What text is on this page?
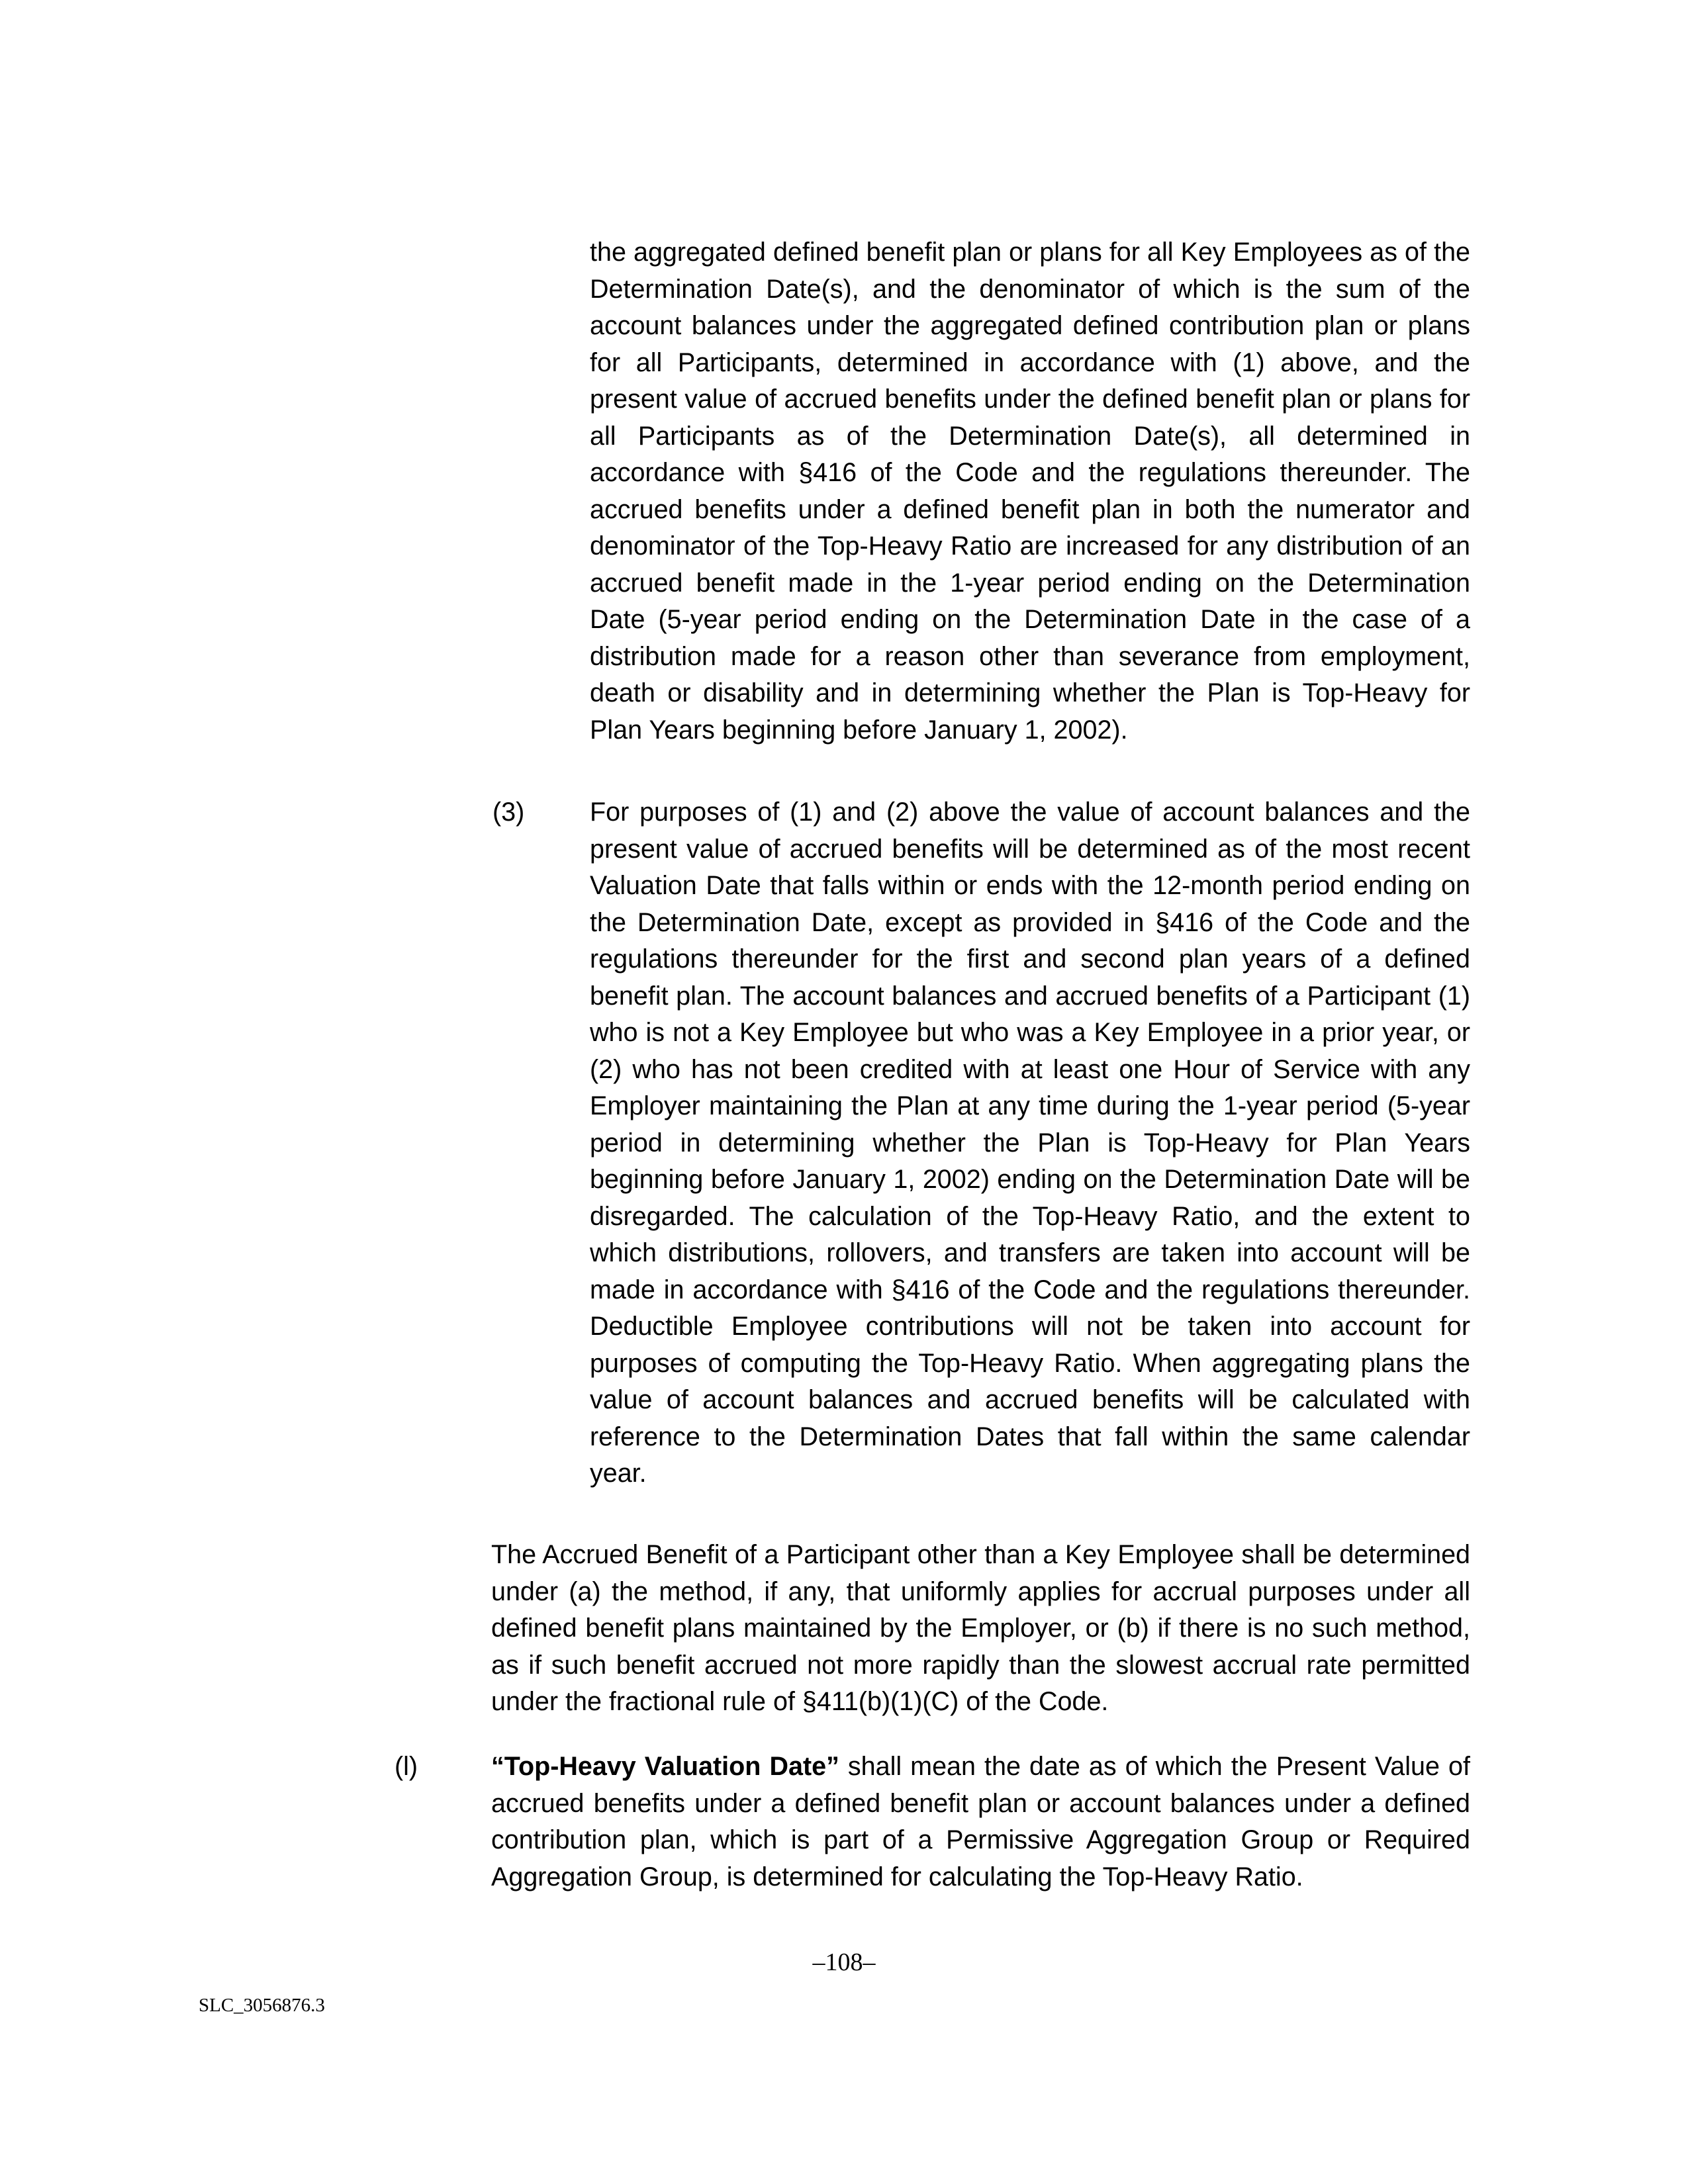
the aggregated defined benefit plan or plans for all Key Employees as of the Determination Date(s), and the denominator of which is the sum of the account balances under the aggregated defined contribution plan or plans for all Participants, determined in accordance with (1) above, and the present value of accrued benefits under the defined benefit plan or plans for all Participants as of the Determination Date(s), all determined in accordance with §416 of the Code and the regulations thereunder. The accrued benefits under a defined benefit plan in both the numerator and denominator of the Top-Heavy Ratio are increased for any distribution of an accrued benefit made in the 1-year period ending on the Determination Date (5-year period ending on the Determination Date in the case of a distribution made for a reason other than severance from employment, death or disability and in determining whether the Plan is Top-Heavy for Plan Years beginning before January 1, 2002).

(3) For purposes of (1) and (2) above the value of account balances and the present value of accrued benefits will be determined as of the most recent Valuation Date that falls within or ends with the 12-month period ending on the Determination Date, except as provided in §416 of the Code and the regulations thereunder for the first and second plan years of a defined benefit plan. The account balances and accrued benefits of a Participant (1) who is not a Key Employee but who was a Key Employee in a prior year, or (2) who has not been credited with at least one Hour of Service with any Employer maintaining the Plan at any time during the 1-year period (5-year period in determining whether the Plan is Top-Heavy for Plan Years beginning before January 1, 2002) ending on the Determination Date will be disregarded. The calculation of the Top-Heavy Ratio, and the extent to which distributions, rollovers, and transfers are taken into account will be made in accordance with §416 of the Code and the regulations thereunder. Deductible Employee contributions will not be taken into account for purposes of computing the Top-Heavy Ratio. When aggregating plans the value of account balances and accrued benefits will be calculated with reference to the Determination Dates that fall within the same calendar year.

The Accrued Benefit of a Participant other than a Key Employee shall be determined under (a) the method, if any, that uniformly applies for accrual purposes under all defined benefit plans maintained by the Employer, or (b) if there is no such method, as if such benefit accrued not more rapidly than the slowest accrual rate permitted under the fractional rule of §411(b)(1)(C) of the Code.

(l)	“Top-Heavy Valuation Date” shall mean the date as of which the Present Value of accrued benefits under a defined benefit plan or account balances under a defined contribution plan, which is part of a Permissive Aggregation Group or Required Aggregation Group, is determined for calculating the Top-Heavy Ratio.

–108–
SLC_3056876.3
